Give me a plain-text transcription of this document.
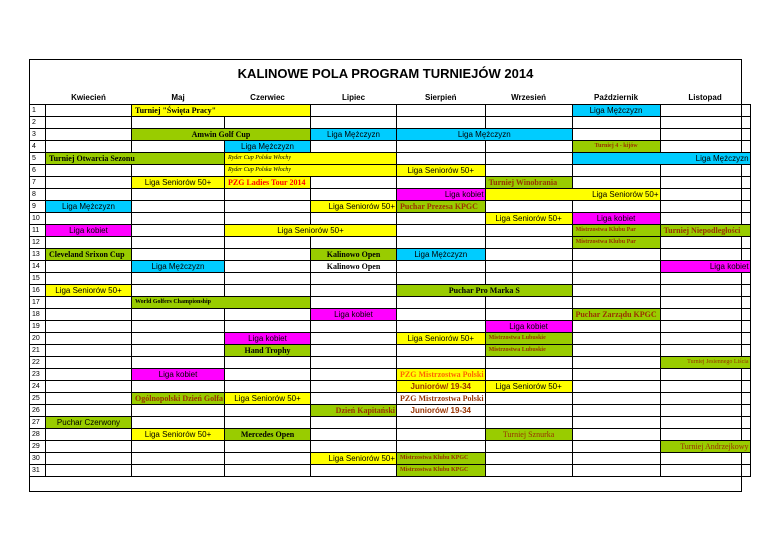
KALINOWE POLA PROGRAM TURNIEJÓW 2014
	Kwiecień	Maj	Czerwiec	Lipiec	Sierpień	Wrzesień	Październik	Listopad
1		Turniej "Święta Pracy"					Liga Mężczyzn	
2								
3		Amwin Golf Cup		Liga Mężczyzn	Liga Mężczyzn			
4			Liga Mężczyzn				Turniej 4 - kijów	
5	Turniej Otwarcia Sezonu		Ryder Cup Polska Włochy				Liga Mężczyzn	
6			Ryder Cup Polska Włochy		Liga Seniorów 50+			
7		Liga Seniorów 50+	PZG Ladies Tour 2014			Turniej Winobrania		
8					Liga kobiet	Liga Seniorów 50+		
9	Liga Mężczyzn			Liga Seniorów 50+	Puchar Prezesa KPGC			
10						Liga Seniorów 50+	Liga kobiet	
11	Liga kobiet		Liga Seniorów 50+				Mistrzostwa Klubu Par	Turniej Niepodległości
12							Mistrzostwa Klubu Par	
13	Cleveland Srixon Cup			Kalinowo Open	Liga Mężczyzn			
14		Liga Mężczyzn		Kalinowo Open				Liga kobiet
15								
16	Liga Seniorów 50+				Puchar Pro Marka S			
17		World Golfers Championship						
18				Liga kobiet			Puchar Zarządu KPGC	
19						Liga kobiet		
20			Liga kobiet		Liga Seniorów 50+	Mistrzostwa Lubuskie		
21			Hand Trophy			Mistrzostwa Lubuskie		
22								Turniej Jesiennego Liścia
23		Liga kobiet			PZG Mistrzostwa Polski			
24					Juniorów/ 19-34	Liga Seniorów 50+		
25		Ogólnopolski Dzień Golfa	Liga Seniorów 50+		PZG Mistrzostwa Polski			
26				Dzień Kapitański	Juniorów/ 19-34			
27	Puchar Czerwony							
28		Liga Seniorów 50+	Mercedes Open			Turniej Sznurka		
29								Turniej Andrzejkowy
30				Liga Seniorów 50+	Mistrzostwa Klubu KPGC			
31					Mistrzostwa Klubu KPGC			
